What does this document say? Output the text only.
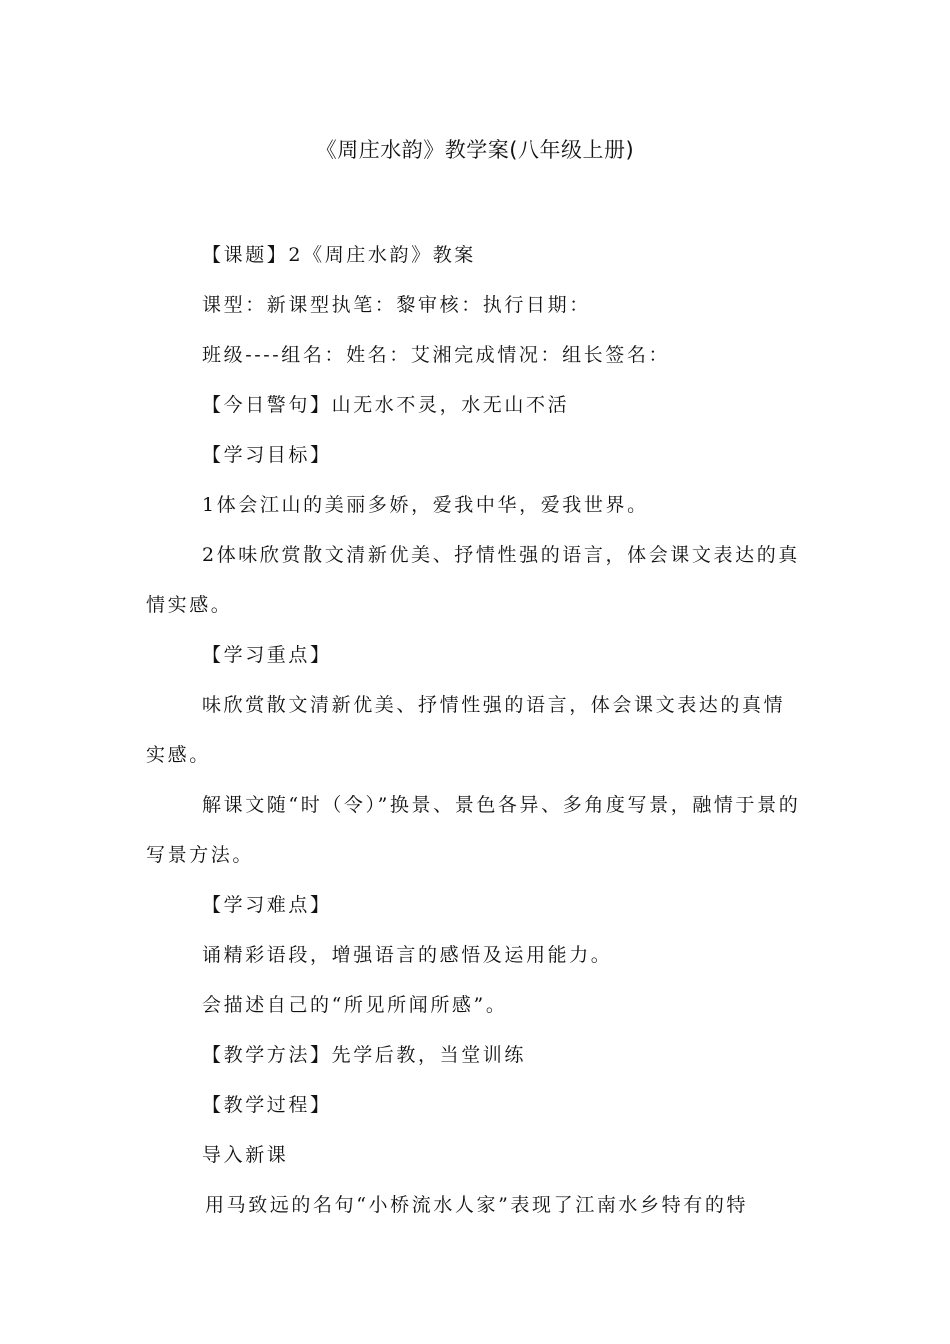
《周庄水韵》教学案(八年级上册)

【课题】2《周庄水韵》教案

课型：新课型执笔：黎审核：执行日期：

班级----组名：姓名：艾湘完成情况：组长签名：

【今日警句】山无水不灵，水无山不活

【学习目标】

1体会江山的美丽多娇，爱我中华，爱我世界。

2体味欣赏散文清新优美、抒情性强的语言，体会课文表达的真情实感。

【学习重点】

味欣赏散文清新优美、抒情性强的语言，体会课文表达的真情实感。

解课文随“时（令）”换景、景色各异、多角度写景，融情于景的写景方法。

【学习难点】

诵精彩语段，增强语言的感悟及运用能力。

会描述自己的“所见所闻所感”。

【教学方法】先学后教，当堂训练

【教学过程】

导入新课

用马致远的名句“小桥流水人家”表现了江南水乡特有的特
